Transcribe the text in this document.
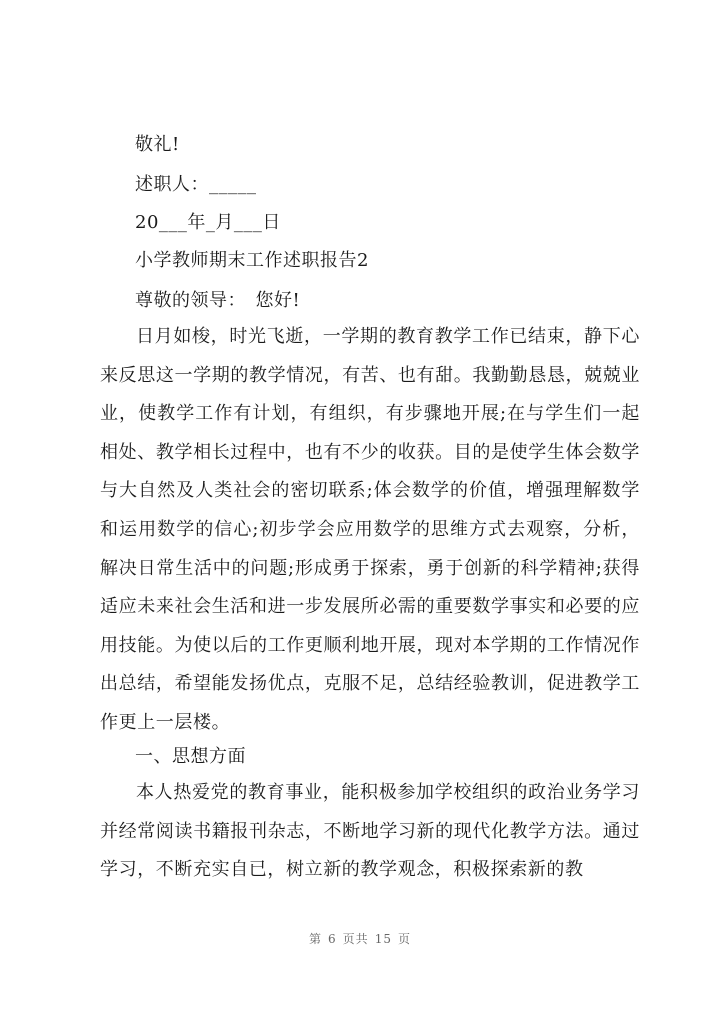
敬礼!
述职人：_____
20___年_月___日
小学教师期末工作述职报告2
尊敬的领导：　您好!
日月如梭，时光飞逝，一学期的教育教学工作已结束，静下心来反思这一学期的教学情况，有苦、也有甜。我勤勤恳恳，兢兢业业，使教学工作有计划，有组织，有步骤地开展;在与学生们一起相处、教学相长过程中，也有不少的收获。目的是使学生体会数学与大自然及人类社会的密切联系;体会数学的价值，增强理解数学和运用数学的信心;初步学会应用数学的思维方式去观察，分析，解决日常生活中的问题;形成勇于探索，勇于创新的科学精神;获得适应未来社会生活和进一步发展所必需的重要数学事实和必要的应用技能。为使以后的工作更顺利地开展，现对本学期的工作情况作出总结，希望能发扬优点，克服不足，总结经验教训，促进教学工作更上一层楼。
一、思想方面
本人热爱党的教育事业，能积极参加学校组织的政治业务学习并经常阅读书籍报刊杂志，不断地学习新的现代化教学方法。通过学习，不断充实自已，树立新的教学观念，积极探索新的教
第 6 页共 15 页
